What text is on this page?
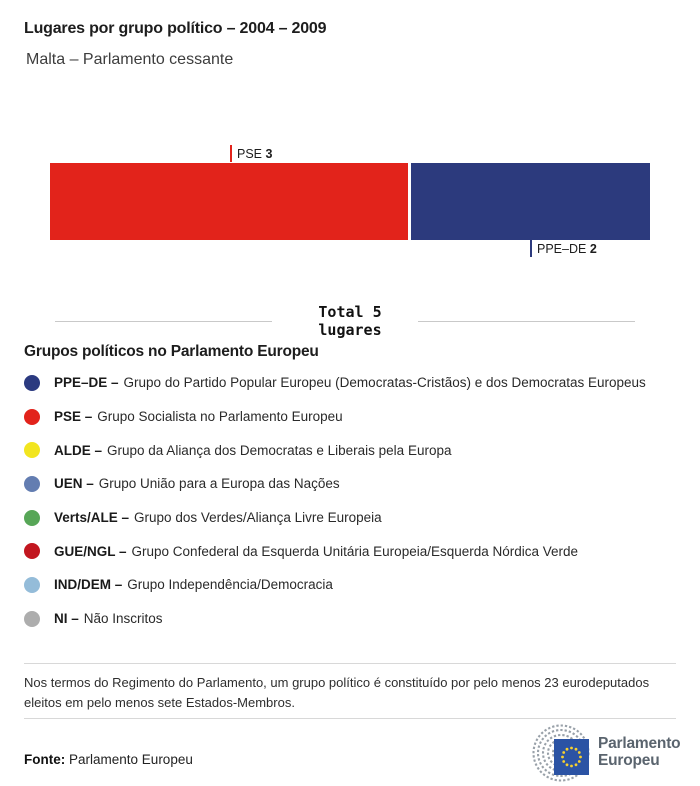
Lugares por grupo político – 2004 – 2009
Malta – Parlamento cessante
PSE 3
PPE–DE 2
Total 5
lugares
Grupos políticos no Parlamento Europeu
PPE–DE – Grupo do Partido Popular Europeu (Democratas-Cristãos) e dos Democratas Europeus
PSE – Grupo Socialista no Parlamento Europeu
ALDE – Grupo da Aliança dos Democratas e Liberais pela Europa
UEN – Grupo União para a Europa das Nações
Verts/ALE – Grupo dos Verdes/Aliança Livre Europeia
GUE/NGL – Grupo Confederal da Esquerda Unitária Europeia/Esquerda Nórdica Verde
IND/DEM – Grupo Independência/Democracia
NI – Não Inscritos
Nos termos do Regimento do Parlamento, um grupo político é constituído por pelo menos 23 eurodeputados eleitos em pelo menos sete Estados-Membros.
Fonte: Parlamento Europeu
Parlamento
Europeu
